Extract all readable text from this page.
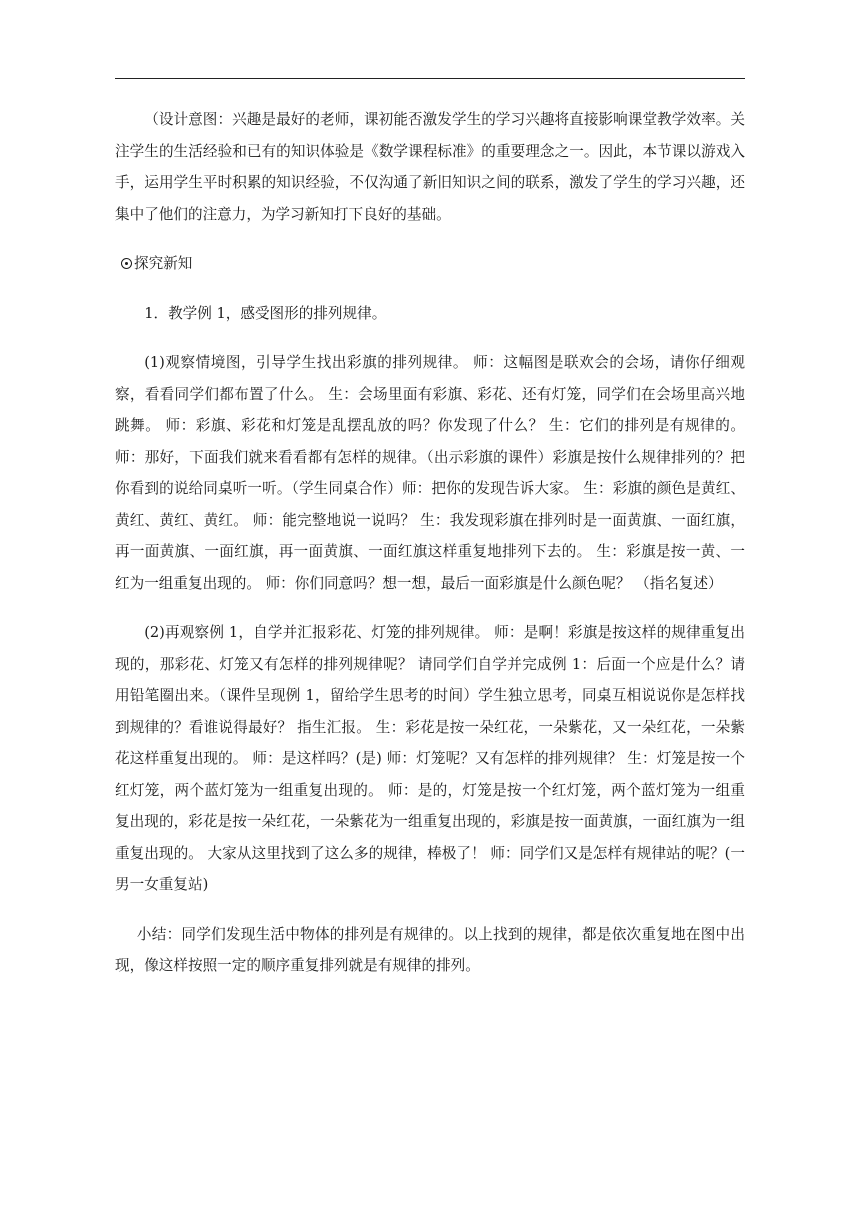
（设计意图：兴趣是最好的老师，课初能否激发学生的学习兴趣将直接影响课堂教学效率。关注学生的生活经验和已有的知识体验是《数学课程标准》的重要理念之一。因此，本节课以游戏入手，运用学生平时积累的知识经验，不仅沟通了新旧知识之间的联系，激发了学生的学习兴趣，还集中了他们的注意力，为学习新知打下良好的基础。

探究新知

1．教学例 1，感受图形的排列规律。

(1)观察情境图，引导学生找出彩旗的排列规律。 师：这幅图是联欢会的会场，请你仔细观察，看看同学们都布置了什么。 生：会场里面有彩旗、彩花、还有灯笼，同学们在会场里高兴地跳舞。 师：彩旗、彩花和灯笼是乱摆乱放的吗？你发现了什么？ 生：它们的排列是有规律的。 师：那好，下面我们就来看看都有怎样的规律。（出示彩旗的课件）彩旗是按什么规律排列的？把你看到的说给同桌听一听。（学生同桌合作）师：把你的发现告诉大家。 生：彩旗的颜色是黄红、黄红、黄红、黄红。 师：能完整地说一说吗？ 生：我发现彩旗在排列时是一面黄旗、一面红旗，再一面黄旗、一面红旗，再一面黄旗、一面红旗这样重复地排列下去的。 生：彩旗是按一黄、一红为一组重复出现的。 师：你们同意吗？想一想，最后一面彩旗是什么颜色呢？ （指名复述）

(2)再观察例 1，自学并汇报彩花、灯笼的排列规律。 师：是啊！彩旗是按这样的规律重复出现的，那彩花、灯笼又有怎样的排列规律呢？ 请同学们自学并完成例 1：后面一个应是什么？请用铅笔圈出来。（课件呈现例 1，留给学生思考的时间）学生独立思考，同桌互相说说你是怎样找到规律的？看谁说得最好？ 指生汇报。 生：彩花是按一朵红花，一朵紫花，又一朵红花，一朵紫花这样重复出现的。 师：是这样吗？(是) 师：灯笼呢？又有怎样的排列规律？ 生：灯笼是按一个红灯笼，两个蓝灯笼为一组重复出现的。 师：是的，灯笼是按一个红灯笼，两个蓝灯笼为一组重复出现的，彩花是按一朵红花，一朵紫花为一组重复出现的，彩旗是按一面黄旗，一面红旗为一组重复出现的。 大家从这里找到了这么多的规律，棒极了！ 师：同学们又是怎样有规律站的呢？(一男一女重复站)

小结：同学们发现生活中物体的排列是有规律的。以上找到的规律，都是依次重复地在图中出现，像这样按照一定的顺序重复排列就是有规律的排列。
